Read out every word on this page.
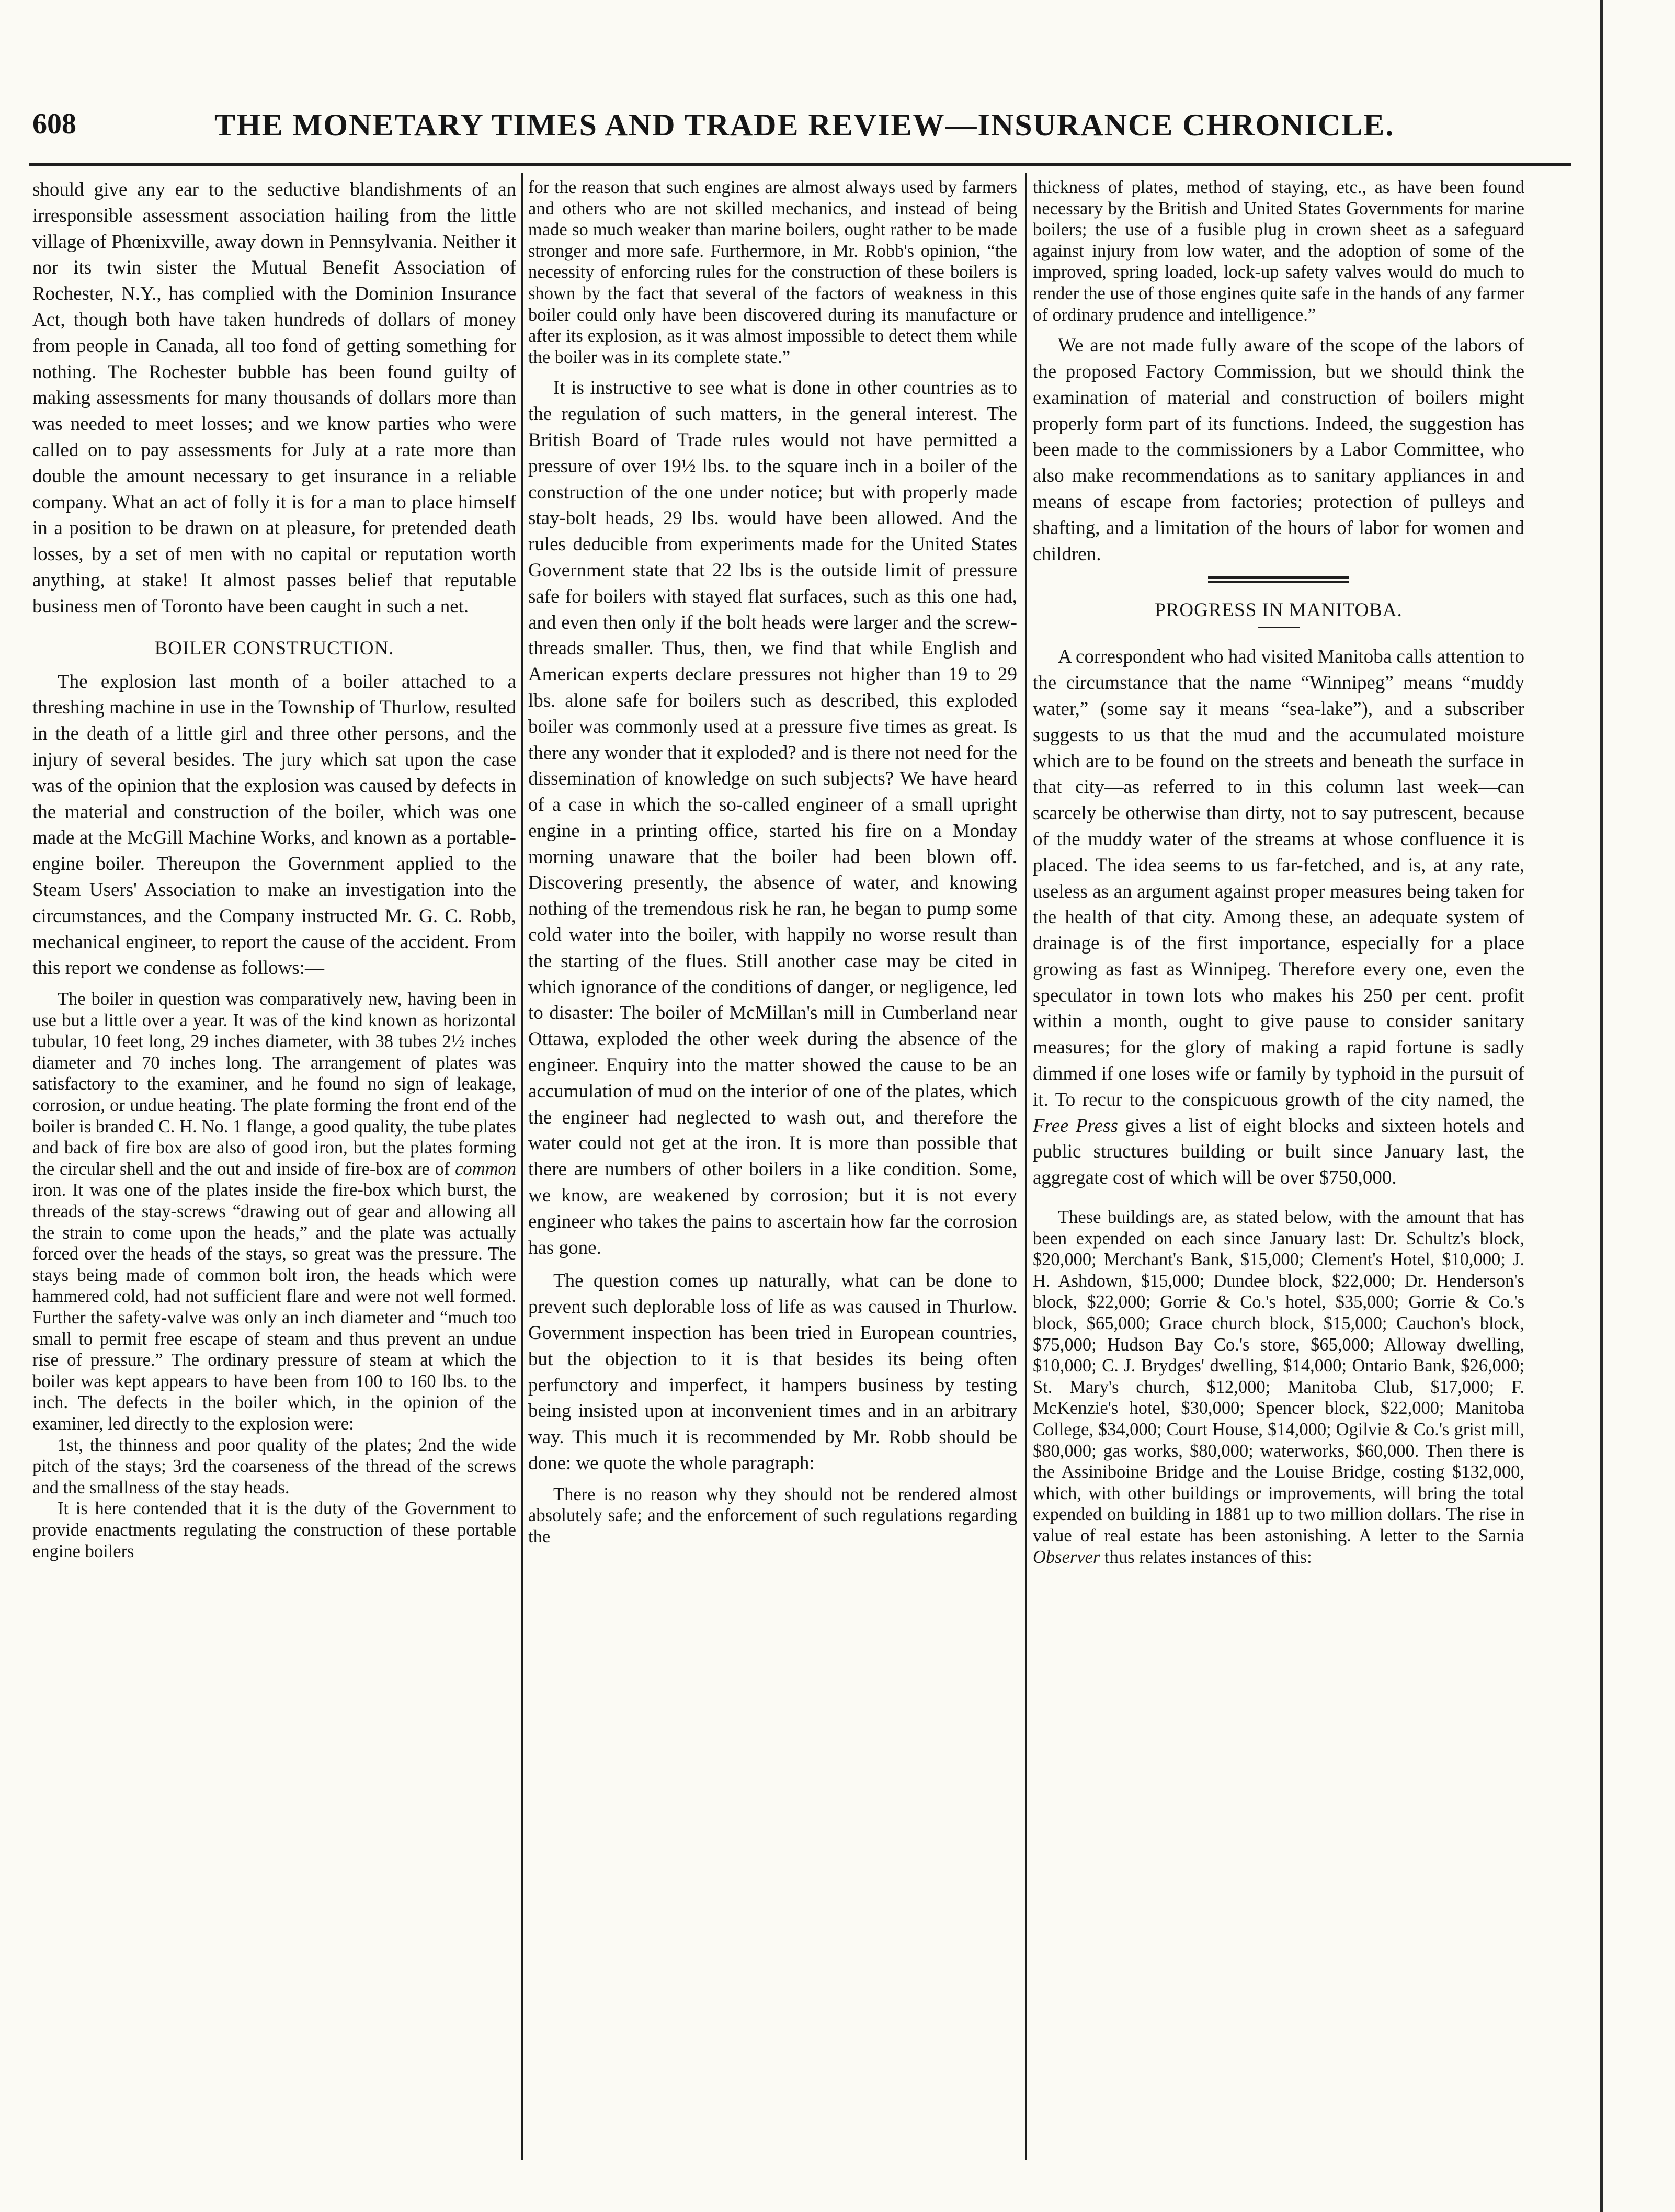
608	THE MONETARY TIMES AND TRADE REVIEW—INSURANCE CHRONICLE.

should give any ear to the seductive blandishments of an irresponsible assessment association hailing from the little village of Phœnixville, away down in Pennsylvania. Neither it nor its twin sister the Mutual Benefit Association of Rochester, N.Y., has complied with the Dominion Insurance Act, though both have taken hundreds of dollars of money from people in Canada, all too fond of getting something for nothing. The Rochester bubble has been found guilty of making assessments for many thousands of dollars more than was needed to meet losses; and we know parties who were called on to pay assessments for July at a rate more than double the amount necessary to get insurance in a reliable company. What an act of folly it is for a man to place himself in a position to be drawn on at pleasure, for pretended death losses, by a set of men with no capital or reputation worth anything, at stake! It almost passes belief that reputable business men of Toronto have been caught in such a net.

BOILER CONSTRUCTION.

The explosion last month of a boiler attached to a threshing machine in use in the Township of Thurlow, resulted in the death of a little girl and three other persons, and the injury of several besides. The jury which sat upon the case was of the opinion that the explosion was caused by defects in the material and construction of the boiler, which was one made at the McGill Machine Works, and known as a portable-engine boiler. Thereupon the Government applied to the Steam Users' Association to make an investigation into the circumstances, and the Company instructed Mr. G. C. Robb, mechanical engineer, to report the cause of the accident. From this report we condense as follows:—

The boiler in question was comparatively new, having been in use but a little over a year. It was of the kind known as horizontal tubular, 10 feet long, 29 inches diameter, with 38 tubes 2½ inches diameter and 70 inches long. The arrangement of plates was satisfactory to the examiner, and he found no sign of leakage, corrosion, or undue heating. The plate forming the front end of the boiler is branded C. H. No. 1 flange, a good quality, the tube plates and back of fire box are also of good iron, but the plates forming the circular shell and the out and inside of fire-box are of common iron. It was one of the plates inside the fire-box which burst, the threads of the stay-screws “drawing out of gear and allowing all the strain to come upon the heads,” and the plate was actually forced over the heads of the stays, so great was the pressure. The stays being made of common bolt iron, the heads which were hammered cold, had not sufficient flare and were not well formed. Further the safety-valve was only an inch diameter and “much too small to permit free escape of steam and thus prevent an undue rise of pressure.” The ordinary pressure of steam at which the boiler was kept appears to have been from 100 to 160 lbs. to the inch. The defects in the boiler which, in the opinion of the examiner, led directly to the explosion were:

1st, the thinness and poor quality of the plates; 2nd the wide pitch of the stays; 3rd the coarseness of the thread of the screws and the smallness of the stay heads.

It is here contended that it is the duty of the Government to provide enactments regulating the construction of these portable engine boilers

for the reason that such engines are almost always used by farmers and others who are not skilled mechanics, and instead of being made so much weaker than marine boilers, ought rather to be made stronger and more safe. Furthermore, in Mr. Robb's opinion, “the necessity of enforcing rules for the construction of these boilers is shown by the fact that several of the factors of weakness in this boiler could only have been discovered during its manufacture or after its explosion, as it was almost impossible to detect them while the boiler was in its complete state.”

It is instructive to see what is done in other countries as to the regulation of such matters, in the general interest. The British Board of Trade rules would not have permitted a pressure of over 19½ lbs. to the square inch in a boiler of the construction of the one under notice; but with properly made stay-bolt heads, 29 lbs. would have been allowed. And the rules deducible from experiments made for the United States Government state that 22 lbs is the outside limit of pressure safe for boilers with stayed flat surfaces, such as this one had, and even then only if the bolt heads were larger and the screw-threads smaller. Thus, then, we find that while English and American experts declare pressures not higher than 19 to 29 lbs. alone safe for boilers such as described, this exploded boiler was commonly used at a pressure five times as great. Is there any wonder that it exploded? and is there not need for the dissemination of knowledge on such subjects? We have heard of a case in which the so-called engineer of a small upright engine in a printing office, started his fire on a Monday morning unaware that the boiler had been blown off. Discovering presently, the absence of water, and knowing nothing of the tremendous risk he ran, he began to pump some cold water into the boiler, with happily no worse result than the starting of the flues. Still another case may be cited in which ignorance of the conditions of danger, or negligence, led to disaster: The boiler of McMillan's mill in Cumberland near Ottawa, exploded the other week during the absence of the engineer. Enquiry into the matter showed the cause to be an accumulation of mud on the interior of one of the plates, which the engineer had neglected to wash out, and therefore the water could not get at the iron. It is more than possible that there are numbers of other boilers in a like condition. Some, we know, are weakened by corrosion; but it is not every engineer who takes the pains to ascertain how far the corrosion has gone.

The question comes up naturally, what can be done to prevent such deplorable loss of life as was caused in Thurlow. Government inspection has been tried in European countries, but the objection to it is that besides its being often perfunctory and imperfect, it hampers business by testing being insisted upon at inconvenient times and in an arbitrary way. This much it is recommended by Mr. Robb should be done: we quote the whole paragraph:

There is no reason why they should not be rendered almost absolutely safe; and the enforcement of such regulations regarding the

thickness of plates, method of staying, etc., as have been found necessary by the British and United States Governments for marine boilers; the use of a fusible plug in crown sheet as a safeguard against injury from low water, and the adoption of some of the improved, spring loaded, lock-up safety valves would do much to render the use of those engines quite safe in the hands of any farmer of ordinary prudence and intelligence.”

We are not made fully aware of the scope of the labors of the proposed Factory Commission, but we should think the examination of material and construction of boilers might properly form part of its functions. Indeed, the suggestion has been made to the commissioners by a Labor Committee, who also make recommendations as to sanitary appliances in and means of escape from factories; protection of pulleys and shafting, and a limitation of the hours of labor for women and children.

PROGRESS IN MANITOBA.

A correspondent who had visited Manitoba calls attention to the circumstance that the name “Winnipeg” means “muddy water,” (some say it means “sea-lake”), and a subscriber suggests to us that the mud and the accumulated moisture which are to be found on the streets and beneath the surface in that city—as referred to in this column last week—can scarcely be otherwise than dirty, not to say putrescent, because of the muddy water of the streams at whose confluence it is placed. The idea seems to us far-fetched, and is, at any rate, useless as an argument against proper measures being taken for the health of that city. Among these, an adequate system of drainage is of the first importance, especially for a place growing as fast as Winnipeg. Therefore every one, even the speculator in town lots who makes his 250 per cent. profit within a month, ought to give pause to consider sanitary measures; for the glory of making a rapid fortune is sadly dimmed if one loses wife or family by typhoid in the pursuit of it. To recur to the conspicuous growth of the city named, the Free Press gives a list of eight blocks and sixteen hotels and public structures building or built since January last, the aggregate cost of which will be over $750,000.

These buildings are, as stated below, with the amount that has been expended on each since January last: Dr. Schultz's block, $20,000; Merchant's Bank, $15,000; Clement's Hotel, $10,000; J. H. Ashdown, $15,000; Dundee block, $22,000; Dr. Henderson's block, $22,000; Gorrie & Co.'s hotel, $35,000; Gorrie & Co.'s block, $65,000; Grace church block, $15,000; Cauchon's block, $75,000; Hudson Bay Co.'s store, $65,000; Alloway dwelling, $10,000; C. J. Brydges' dwelling, $14,000; Ontario Bank, $26,000; St. Mary's church, $12,000; Manitoba Club, $17,000; F. McKenzie's hotel, $30,000; Spencer block, $22,000; Manitoba College, $34,000; Court House, $14,000; Ogilvie & Co.'s grist mill, $80,000; gas works, $80,000; waterworks, $60,000. Then there is the Assiniboine Bridge and the Louise Bridge, costing $132,000, which, with other buildings or improvements, will bring the total expended on building in 1881 up to two million dollars. The rise in value of real estate has been astonishing. A letter to the Sarnia Observer thus relates instances of this:
